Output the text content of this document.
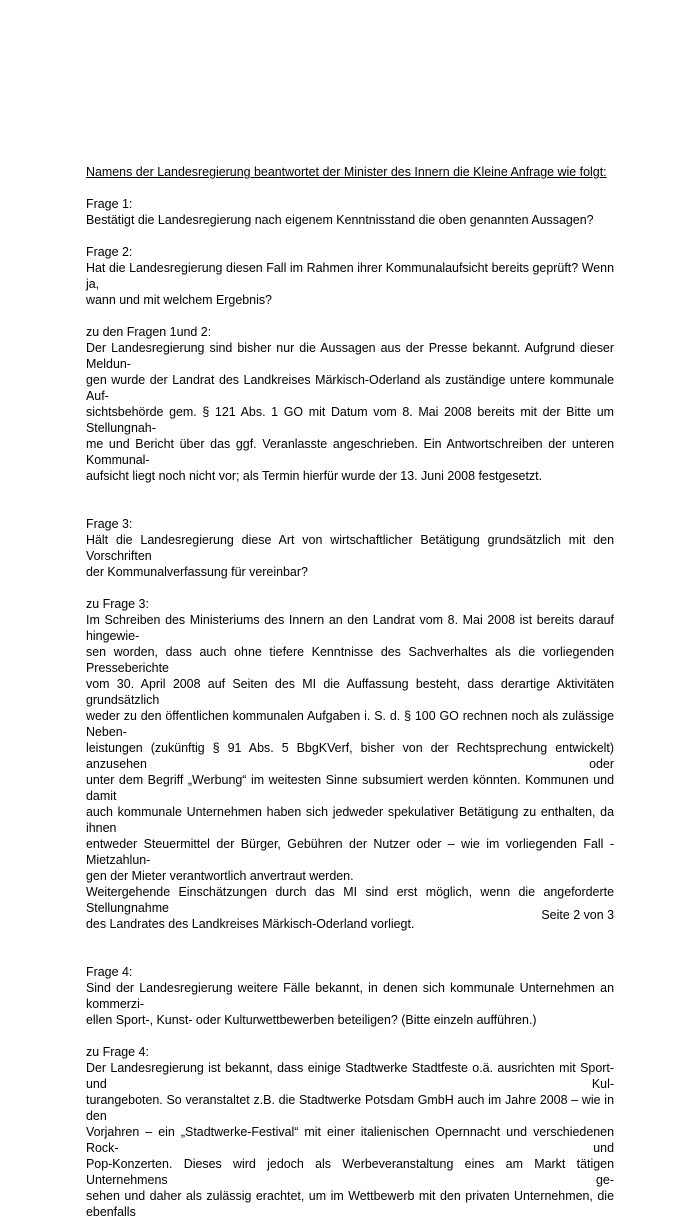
Namens der Landesregierung beantwortet der Minister des Innern die Kleine Anfrage wie folgt:

Frage 1:
Bestätigt die Landesregierung nach eigenem Kenntnisstand die oben genannten Aussagen?
Frage 2:
Hat die Landesregierung diesen Fall im Rahmen ihrer Kommunalaufsicht bereits geprüft? Wenn ja,
wann und mit welchem Ergebnis?
zu den Fragen 1und 2:
Der Landesregierung sind bisher nur die Aussagen aus der Presse bekannt. Aufgrund dieser Meldun-
gen wurde der Landrat des Landkreises Märkisch-Oderland als zuständige untere kommunale Auf-
sichtsbehörde gem. § 121 Abs. 1 GO mit Datum vom 8. Mai 2008 bereits mit der Bitte um Stellungnah-
me und Bericht über das ggf. Veranlasste angeschrieben. Ein Antwortschreiben der unteren Kommunal-
aufsicht liegt noch nicht vor; als Termin hierfür wurde der 13. Juni 2008 festgesetzt.
Frage 3:
Hält die Landesregierung diese Art von wirtschaftlicher Betätigung grundsätzlich mit den Vorschriften
der Kommunalverfassung für vereinbar?
zu Frage 3:
Im Schreiben des Ministeriums des Innern an den Landrat vom 8. Mai 2008 ist bereits darauf hingewie-
sen worden, dass auch ohne tiefere Kenntnisse des Sachverhaltes als die vorliegenden Presseberichte
vom 30. April 2008 auf Seiten des MI die Auffassung besteht, dass derartige Aktivitäten grundsätzlich
weder zu den öffentlichen kommunalen Aufgaben i. S. d. § 100 GO rechnen noch als zulässige Neben-
leistungen (zukünftig § 91 Abs. 5 BbgKVerf, bisher von der Rechtsprechung entwickelt) anzusehen oder
unter dem Begriff „Werbung“ im weitesten Sinne subsumiert werden könnten. Kommunen und damit
auch kommunale Unternehmen haben sich jedweder spekulativer Betätigung zu enthalten, da ihnen
entweder Steuermittel der Bürger, Gebühren der Nutzer oder – wie im vorliegenden Fall - Mietzahlun-
gen der Mieter verantwortlich anvertraut werden.
Weitergehende Einschätzungen durch das MI sind erst möglich, wenn die angeforderte Stellungnahme
des Landrates des Landkreises Märkisch-Oderland vorliegt.
Frage 4:
Sind der Landesregierung weitere Fälle bekannt, in denen sich kommunale Unternehmen an kommerzi-
ellen Sport-, Kunst- oder Kulturwettbewerben beteiligen? (Bitte einzeln aufführen.)
zu Frage 4:
Der Landesregierung ist bekannt, dass einige Stadtwerke Stadtfeste o.ä. ausrichten mit Sport- und Kul-
turangeboten. So veranstaltet z.B. die Stadtwerke Potsdam GmbH auch im Jahre 2008 – wie in den
Vorjahren – ein „Stadtwerke-Festival“ mit einer italienischen Opernnacht und verschiedenen Rock- und
Pop-Konzerten. Dieses wird jedoch als Werbeveranstaltung eines am Markt tätigen Unternehmens ge-
sehen und daher als zulässig erachtet, um im Wettbewerb mit den privaten Unternehmen, die ebenfalls
Seite 2 von 3
